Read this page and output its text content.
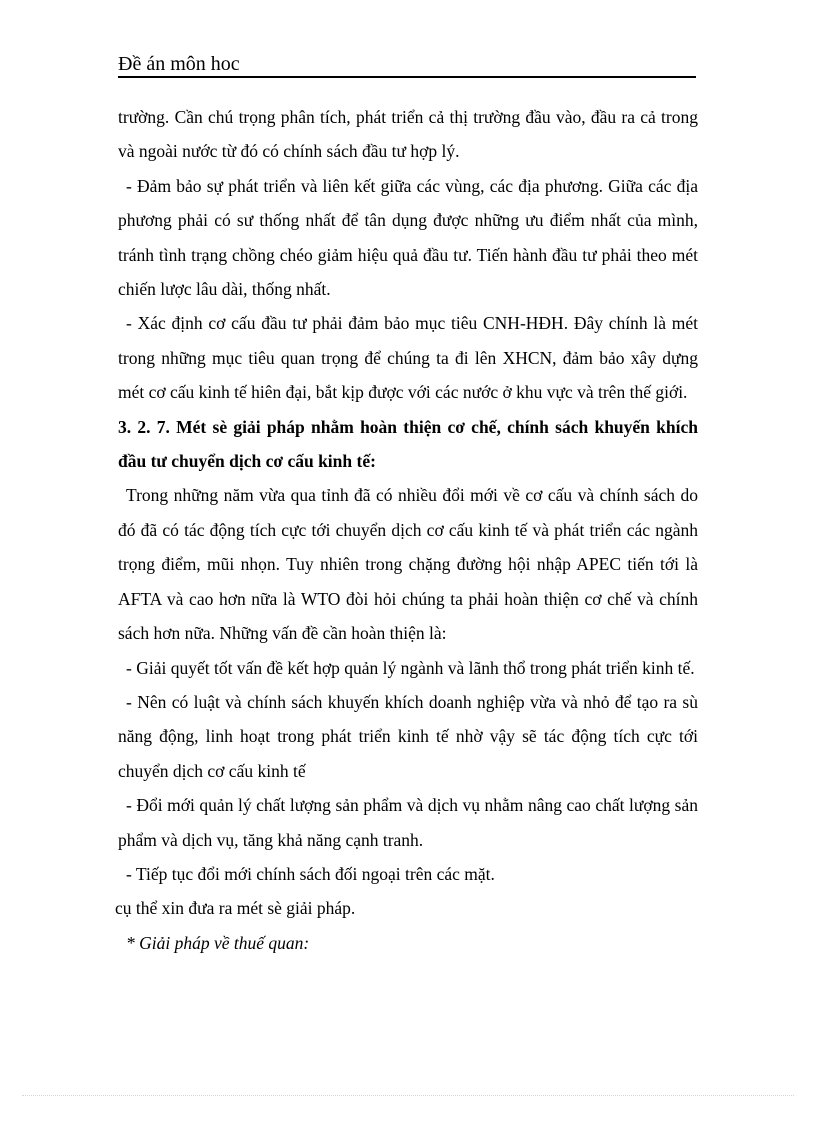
Đề án môn hoc

trường. Cần chú trọng phân tích, phát triển cả thị trường đầu vào, đầu ra cả trong và ngoài nước từ đó có chính sách đầu tư hợp lý.

- Đảm bảo sự phát triển và liên kết giữa các vùng, các địa phương. Giữa các địa phương phải có sư thống nhất để tân dụng được những ưu điểm nhất của mình, tránh tình trạng chồng chéo giảm hiệu quả đầu tư. Tiến hành đầu tư phải theo mét chiến lược lâu dài, thống nhất.

- Xác định cơ cấu đầu tư phải đảm bảo mục tiêu CNH-HĐH. Đây chính là mét trong những mục tiêu quan trọng để chúng ta đi lên XHCN, đảm bảo xây dựng mét cơ cấu kinh tế hiên đại, bắt kịp được với các nước ở khu vực và trên thế giới.

3. 2. 7. Mét sè giải pháp nhằm hoàn thiện cơ chế, chính sách khuyến khích đầu tư chuyển dịch cơ cấu kinh tế:

Trong những năm vừa qua tỉnh đã có nhiều đổi mới về cơ cấu và chính sách do đó đã có tác động tích cực tới chuyển dịch cơ cấu kinh tế và phát triển các ngành trọng điểm, mũi nhọn. Tuy nhiên trong chặng đường hội nhập APEC tiến tới là AFTA và cao hơn nữa là WTO đòi hỏi chúng ta phải hoàn thiện cơ chế và chính sách hơn nữa. Những vấn đề cần hoàn thiện là:

- Giải quyết tốt vấn đề kết hợp quản lý ngành và lãnh thổ trong phát triển kinh tế.

- Nên có luật và chính sách khuyến khích doanh nghiệp vừa và nhỏ để tạo ra sù năng động, linh hoạt trong phát triển kinh tế nhờ vậy sẽ tác động tích cực tới chuyển dịch cơ cấu kinh tế

- Đổi mới quản lý chất lượng sản phẩm và dịch vụ nhằm nâng cao chất lượng sản phẩm và dịch vụ, tăng khả năng cạnh tranh.

- Tiếp tục đổi mới chính sách đối ngoại trên các mặt.

cụ thể xin đưa ra mét sè giải pháp.

* Giải pháp về thuế quan:
